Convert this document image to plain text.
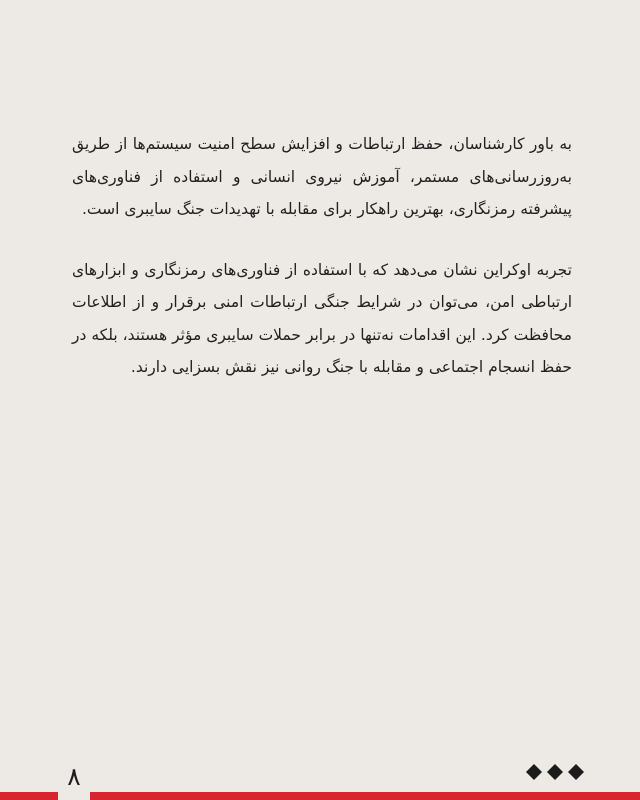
به باور کارشناسان، حفظ ارتباطات و افزایش سطح امنیت سیستم‌ها از طریق به‌روزرسانی‌های مستمر، آموزش نیروی انسانی و استفاده از فناوری‌های پیشرفته رمزنگاری، بهترین راهکار برای مقابله با تهدیدات جنگ سایبری است.

تجربه اوکراین نشان می‌دهد که با استفاده از فناوری‌های رمزنگاری و ابزارهای ارتباطی امن، می‌توان در شرایط جنگی ارتباطات امنی برقرار و از اطلاعات محافظت کرد. این اقدامات نه‌تنها در برابر حملات سایبری مؤثر هستند، بلکه در حفظ انسجام اجتماعی و مقابله با جنگ روانی نیز نقش بسزایی دارند.

۸
